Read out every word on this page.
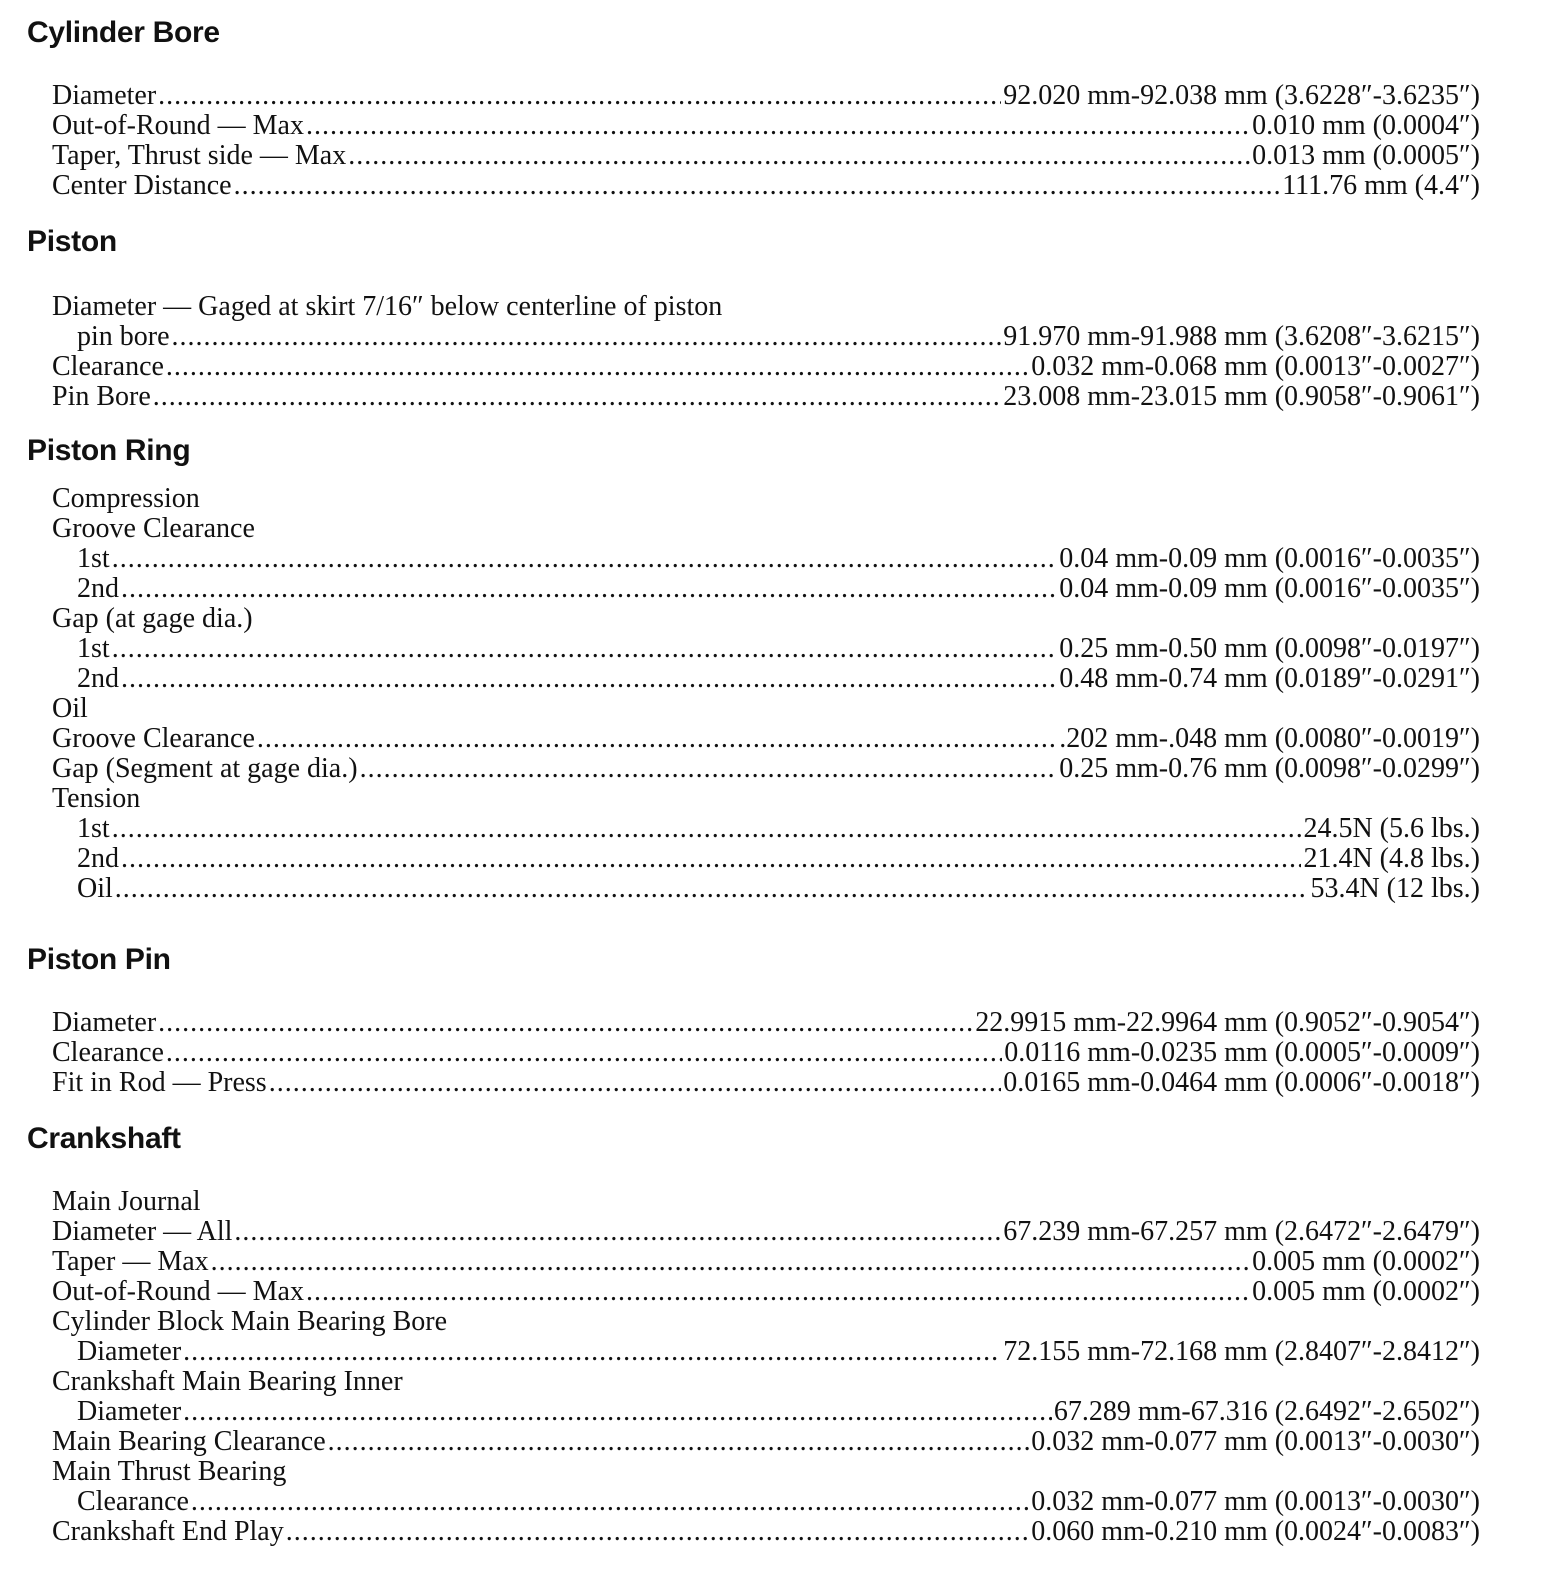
Cylinder Bore
Diameter .....	92.020 mm-92.038 mm (3.6228″-3.6235″)
Out-of-Round — Max .....	0.010 mm (0.0004″)
Taper, Thrust side — Max .....	0.013 mm (0.0005″)
Center Distance .....	111.76 mm (4.4″)
Piston
Diameter — Gaged at skirt 7/16″ below centerline of piston
pin bore .....	91.970 mm-91.988 mm (3.6208″-3.6215″)
Clearance .....	0.032 mm-0.068 mm (0.0013″-0.0027″)
Pin Bore .....	23.008 mm-23.015 mm (0.9058″-0.9061″)
Piston Ring
Compression
Groove Clearance
1st .....	0.04 mm-0.09 mm (0.0016″-0.0035″)
2nd .....	0.04 mm-0.09 mm (0.0016″-0.0035″)
Gap (at gage dia.)
1st .....	0.25 mm-0.50 mm (0.0098″-0.0197″)
2nd .....	0.48 mm-0.74 mm (0.0189″-0.0291″)
Oil
Groove Clearance .....	.202 mm-.048 mm (0.0080″-0.0019″)
Gap (Segment at gage dia.) .....	0.25 mm-0.76 mm (0.0098″-0.0299″)
Tension
1st .....	24.5N (5.6 lbs.)
2nd .....	21.4N (4.8 lbs.)
Oil .....	53.4N (12 lbs.)
Piston Pin
Diameter .....	22.9915 mm-22.9964 mm (0.9052″-0.9054″)
Clearance .....	0.0116 mm-0.0235 mm (0.0005″-0.0009″)
Fit in Rod — Press .....	0.0165 mm-0.0464 mm (0.0006″-0.0018″)
Crankshaft
Main Journal
Diameter — All .....	67.239 mm-67.257 mm (2.6472″-2.6479″)
Taper — Max .....	0.005 mm (0.0002″)
Out-of-Round — Max .....	0.005 mm (0.0002″)
Cylinder Block Main Bearing Bore
Diameter .....	72.155 mm-72.168 mm (2.8407″-2.8412″)
Crankshaft Main Bearing Inner
Diameter .....	67.289 mm-67.316 (2.6492″-2.6502″)
Main Bearing Clearance .....	0.032 mm-0.077 mm (0.0013″-0.0030″)
Main Thrust Bearing
Clearance .....	0.032 mm-0.077 mm (0.0013″-0.0030″)
Crankshaft End Play .....	0.060 mm-0.210 mm (0.0024″-0.0083″)
